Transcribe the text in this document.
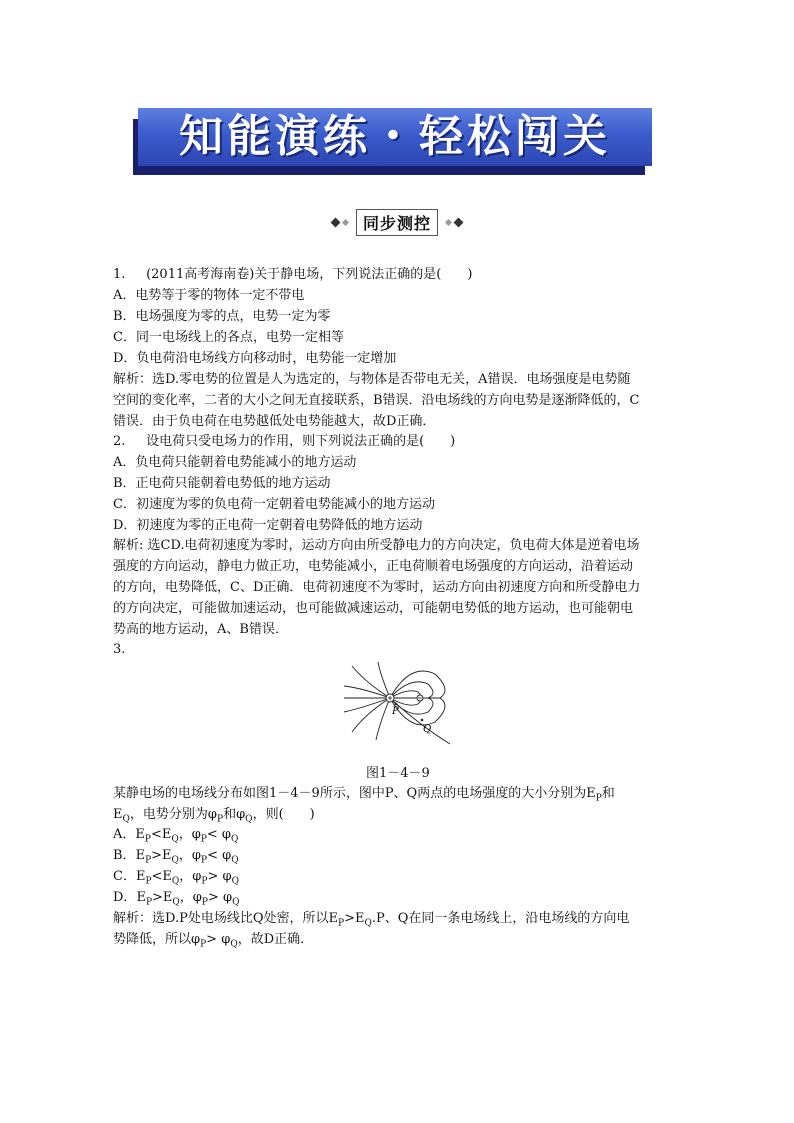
知能演练・轻松闯关
同步测控
1. (2011高考海南卷)关于静电场，下列说法正确的是(　　)
A．电势等于零的物体一定不带电
B．电场强度为零的点，电势一定为零
C．同一电场线上的各点，电势一定相等
D．负电荷沿电场线方向移动时，电势能一定增加
解析：选D.零电势的位置是人为选定的，与物体是否带电无关，A错误．电场强度是电势随
空间的变化率，二者的大小之间无直接联系，B错误．沿电场线的方向电势是逐渐降低的，C
错误．由于负电荷在电势越低处电势能越大，故D正确．
2. 设电荷只受电场力的作用，则下列说法正确的是(　　)
A．负电荷只能朝着电势能减小的地方运动
B．正电荷只能朝着电势低的地方运动
C．初速度为零的负电荷一定朝着电势能减小的地方运动
D．初速度为零的正电荷一定朝着电势降低的地方运动
解析: 选CD.电荷初速度为零时，运动方向由所受静电力的方向决定，负电荷大体是逆着电场
强度的方向运动，静电力做正功，电势能减小，正电荷顺着电场强度的方向运动，沿着运动
的方向，电势降低，C、D正确．电荷初速度不为零时，运动方向由初速度方向和所受静电力
的方向决定，可能做加速运动，也可能做减速运动，可能朝电势低的地方运动，也可能朝电
势高的地方运动，A、B错误．
3.
P
Q
图1－4－9
某静电场的电场线分布如图1－4－9所示，图中P、Q两点的电场强度的大小分别为$E_P$和
$E_Q$，电势分别为$\varphi_P$和$\varphi_Q$，则(　　)
A．$E_P<E_Q$，$\varphi_P< \varphi_Q$
B．$E_P>E_Q$，$\varphi_P< \varphi_Q$
C．$E_P<E_Q$，$\varphi_P> \varphi_Q$
D．$E_P>E_Q$，$\varphi_P> \varphi_Q$
解析：选D.P处电场线比Q处密，所以$E_P>E_Q.P$、Q在同一条电场线上，沿电场线的方向电
势降低，所以$\varphi_P> \varphi_Q$，故D正确．
